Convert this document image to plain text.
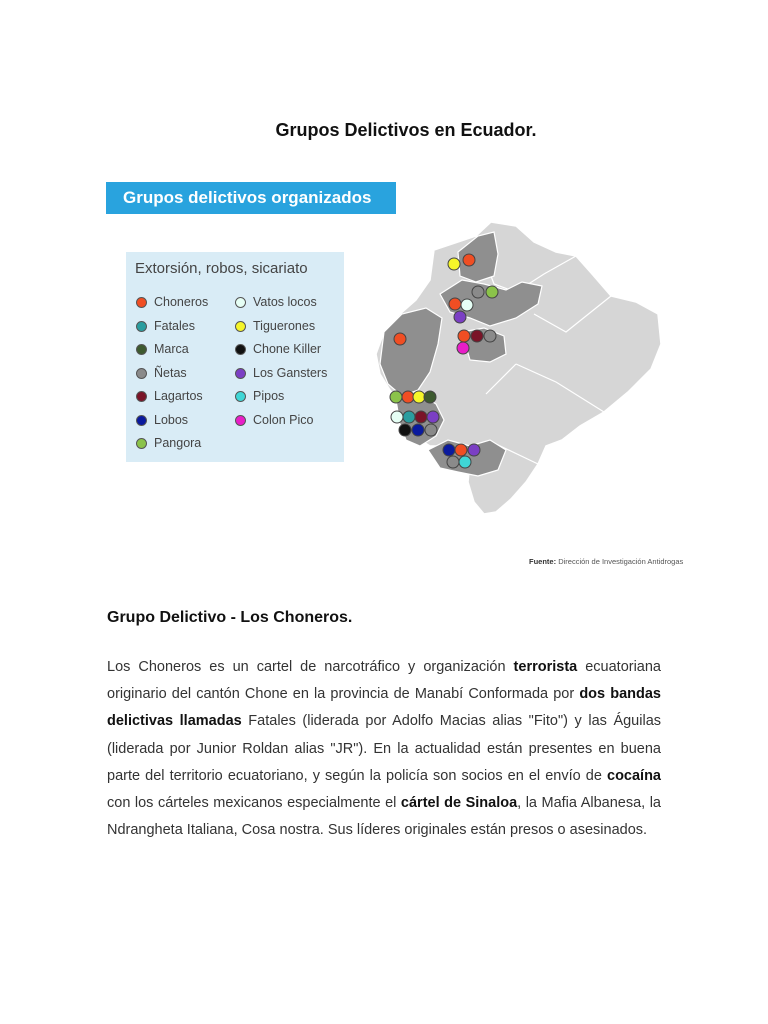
Grupos Delictivos en Ecuador.
Grupos delictivos organizados
Extorsión, robos, sicariato
Choneros
Fatales
Marca
Ñetas
Lagartos
Lobos
Pangora
Vatos locos
Tiguerones
Chone Killer
Los Gansters
Pipos
Colon Pico
Fuente: Dirección de Investigación Antidrogas
Grupo Delictivo - Los Choneros.
Los Choneros es un cartel de narcotráfico y organización terrorista ecuatoriana originario del cantón Chone en la provincia de Manabí Conformada por dos bandas delictivas llamadas Fatales (liderada por Adolfo Macias alias "Fito") y las Águilas (liderada por Junior Roldan alias "JR"). En la actualidad están presentes en buena parte del territorio ecuatoriano, y según la policía son socios en el envío de cocaína con los cárteles mexicanos especialmente el cártel de Sinaloa, la Mafia Albanesa, la Ndrangheta Italiana, Cosa nostra. Sus líderes originales están presos o asesinados.
